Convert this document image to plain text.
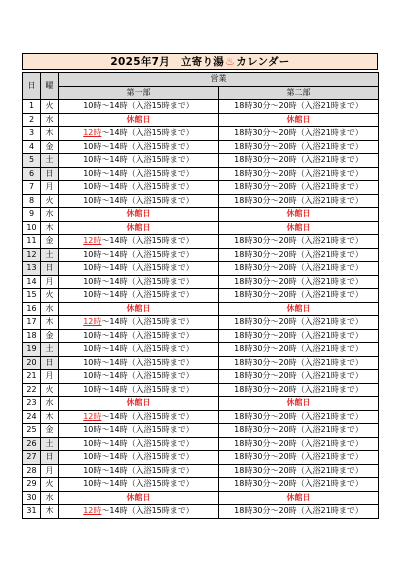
2025年7月　立寄り湯 ♨ カレンダー
日	曜	営業	
		第一部	第二部
1	火	10時～14時（入浴15時まで）	18時30分～20時（入浴21時まで）
2	水	休館日	休館日
3	木	12時～14時（入浴15時まで）	18時30分～20時（入浴21時まで）
4	金	10時～14時（入浴15時まで）	18時30分～20時（入浴21時まで）
5	土	10時～14時（入浴15時まで）	18時30分～20時（入浴21時まで）
6	日	10時～14時（入浴15時まで）	18時30分～20時（入浴21時まで）
7	月	10時～14時（入浴15時まで）	18時30分～20時（入浴21時まで）
8	火	10時～14時（入浴15時まで）	18時30分～20時（入浴21時まで）
9	水	休館日	休館日
10	木	休館日	休館日
11	金	12時～14時（入浴15時まで）	18時30分～20時（入浴21時まで）
12	土	10時～14時（入浴15時まで）	18時30分～20時（入浴21時まで）
13	日	10時～14時（入浴15時まで）	18時30分～20時（入浴21時まで）
14	月	10時～14時（入浴15時まで）	18時30分～20時（入浴21時まで）
15	火	10時～14時（入浴15時まで）	18時30分～20時（入浴21時まで）
16	水	休館日	休館日
17	木	12時～14時（入浴15時まで）	18時30分～20時（入浴21時まで）
18	金	10時～14時（入浴15時まで）	18時30分～20時（入浴21時まで）
19	土	10時～14時（入浴15時まで）	18時30分～20時（入浴21時まで）
20	日	10時～14時（入浴15時まで）	18時30分～20時（入浴21時まで）
21	月	10時～14時（入浴15時まで）	18時30分～20時（入浴21時まで）
22	火	10時～14時（入浴15時まで）	18時30分～20時（入浴21時まで）
23	水	休館日	休館日
24	木	12時～14時（入浴15時まで）	18時30分～20時（入浴21時まで）
25	金	10時～14時（入浴15時まで）	18時30分～20時（入浴21時まで）
26	土	10時～14時（入浴15時まで）	18時30分～20時（入浴21時まで）
27	日	10時～14時（入浴15時まで）	18時30分～20時（入浴21時まで）
28	月	10時～14時（入浴15時まで）	18時30分～20時（入浴21時まで）
29	火	10時～14時（入浴15時まで）	18時30分～20時（入浴21時まで）
30	水	休館日	休館日
31	木	12時～14時（入浴15時まで）	18時30分～20時（入浴21時まで）
